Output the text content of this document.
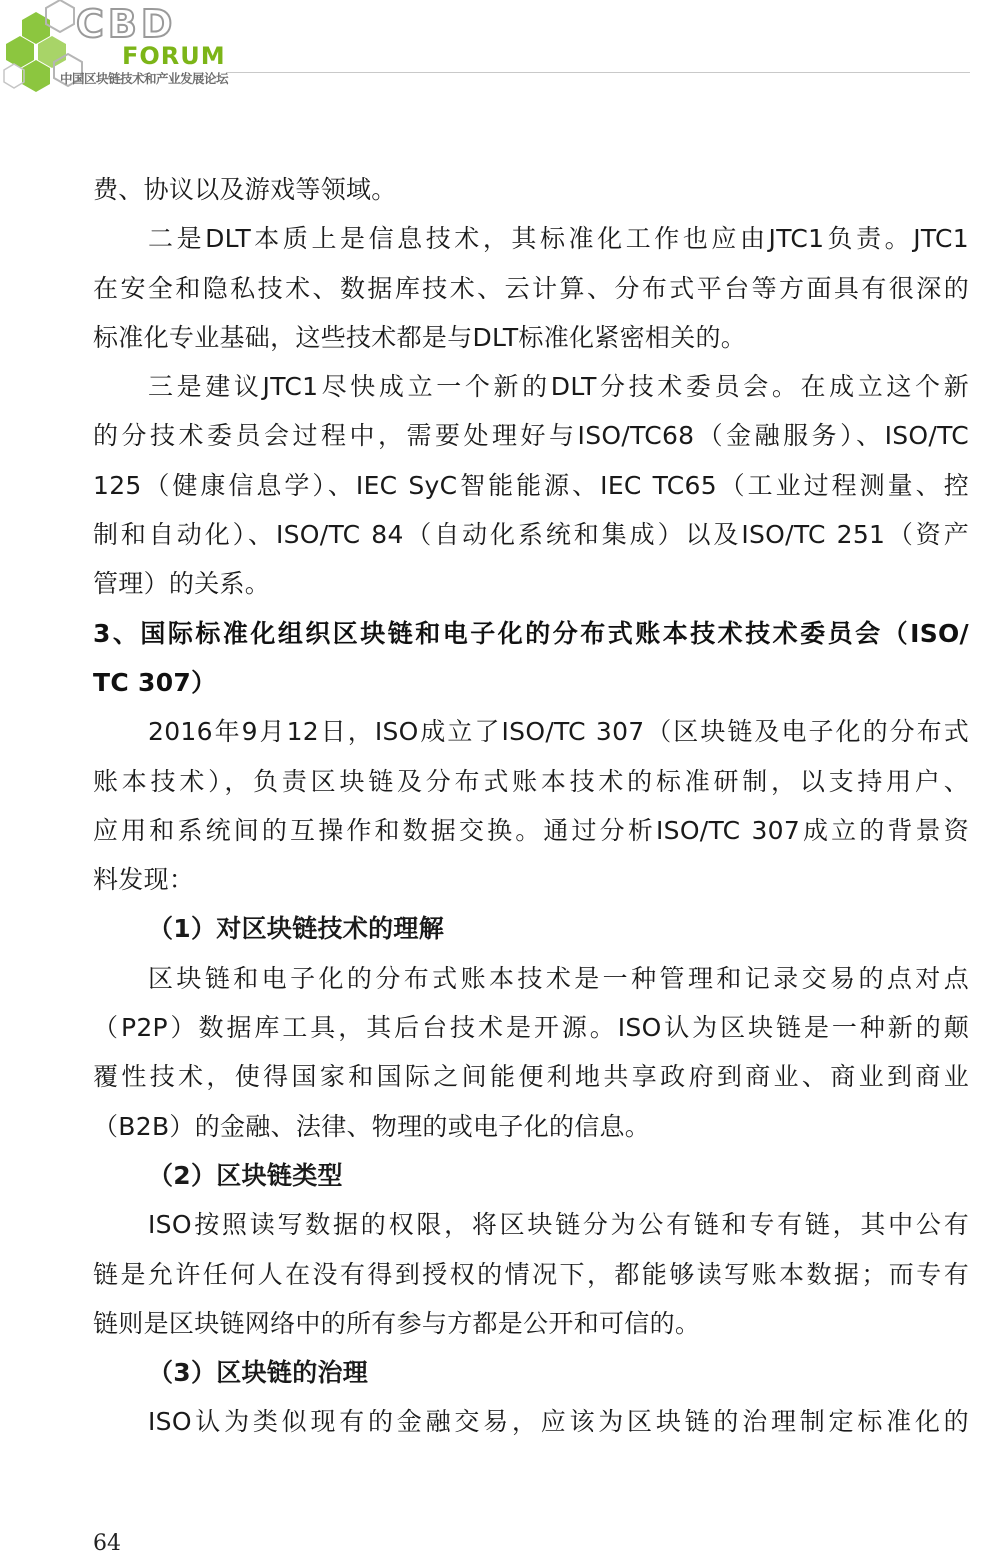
CBD
FORUM
中国区块链技术和产业发展论坛
费、协议以及游戏等领域。
二是DLT本质上是信息技术，其标准化工作也应由JTC1负责。JTC1
在安全和隐私技术、数据库技术、云计算、分布式平台等方面具有很深的
标准化专业基础，这些技术都是与DLT标准化紧密相关的。
三是建议JTC1尽快成立一个新的DLT分技术委员会。在成立这个新
的分技术委员会过程中，需要处理好与ISO/TC68（金融服务）、ISO/TC
125（健康信息学）、IEC SyC智能能源、IEC TC65（工业过程测量、控
制和自动化）、ISO/TC 84（自动化系统和集成）以及ISO/TC 251（资产
管理）的关系。
3、国际标准化组织区块链和电子化的分布式账本技术技术委员会（ISO/
TC 307）
2016年9月12日，ISO成立了ISO/TC 307（区块链及电子化的分布式
账本技术），负责区块链及分布式账本技术的标准研制，以支持用户、
应用和系统间的互操作和数据交换。通过分析ISO/TC 307成立的背景资
料发现：
（1）对区块链技术的理解
区块链和电子化的分布式账本技术是一种管理和记录交易的点对点
（P2P）数据库工具，其后台技术是开源。ISO认为区块链是一种新的颠
覆性技术，使得国家和国际之间能便利地共享政府到商业、商业到商业
（B2B）的金融、法律、物理的或电子化的信息。
（2）区块链类型
ISO按照读写数据的权限，将区块链分为公有链和专有链，其中公有
链是允许任何人在没有得到授权的情况下，都能够读写账本数据；而专有
链则是区块链网络中的所有参与方都是公开和可信的。
（3）区块链的治理
ISO认为类似现有的金融交易，应该为区块链的治理制定标准化的
64
